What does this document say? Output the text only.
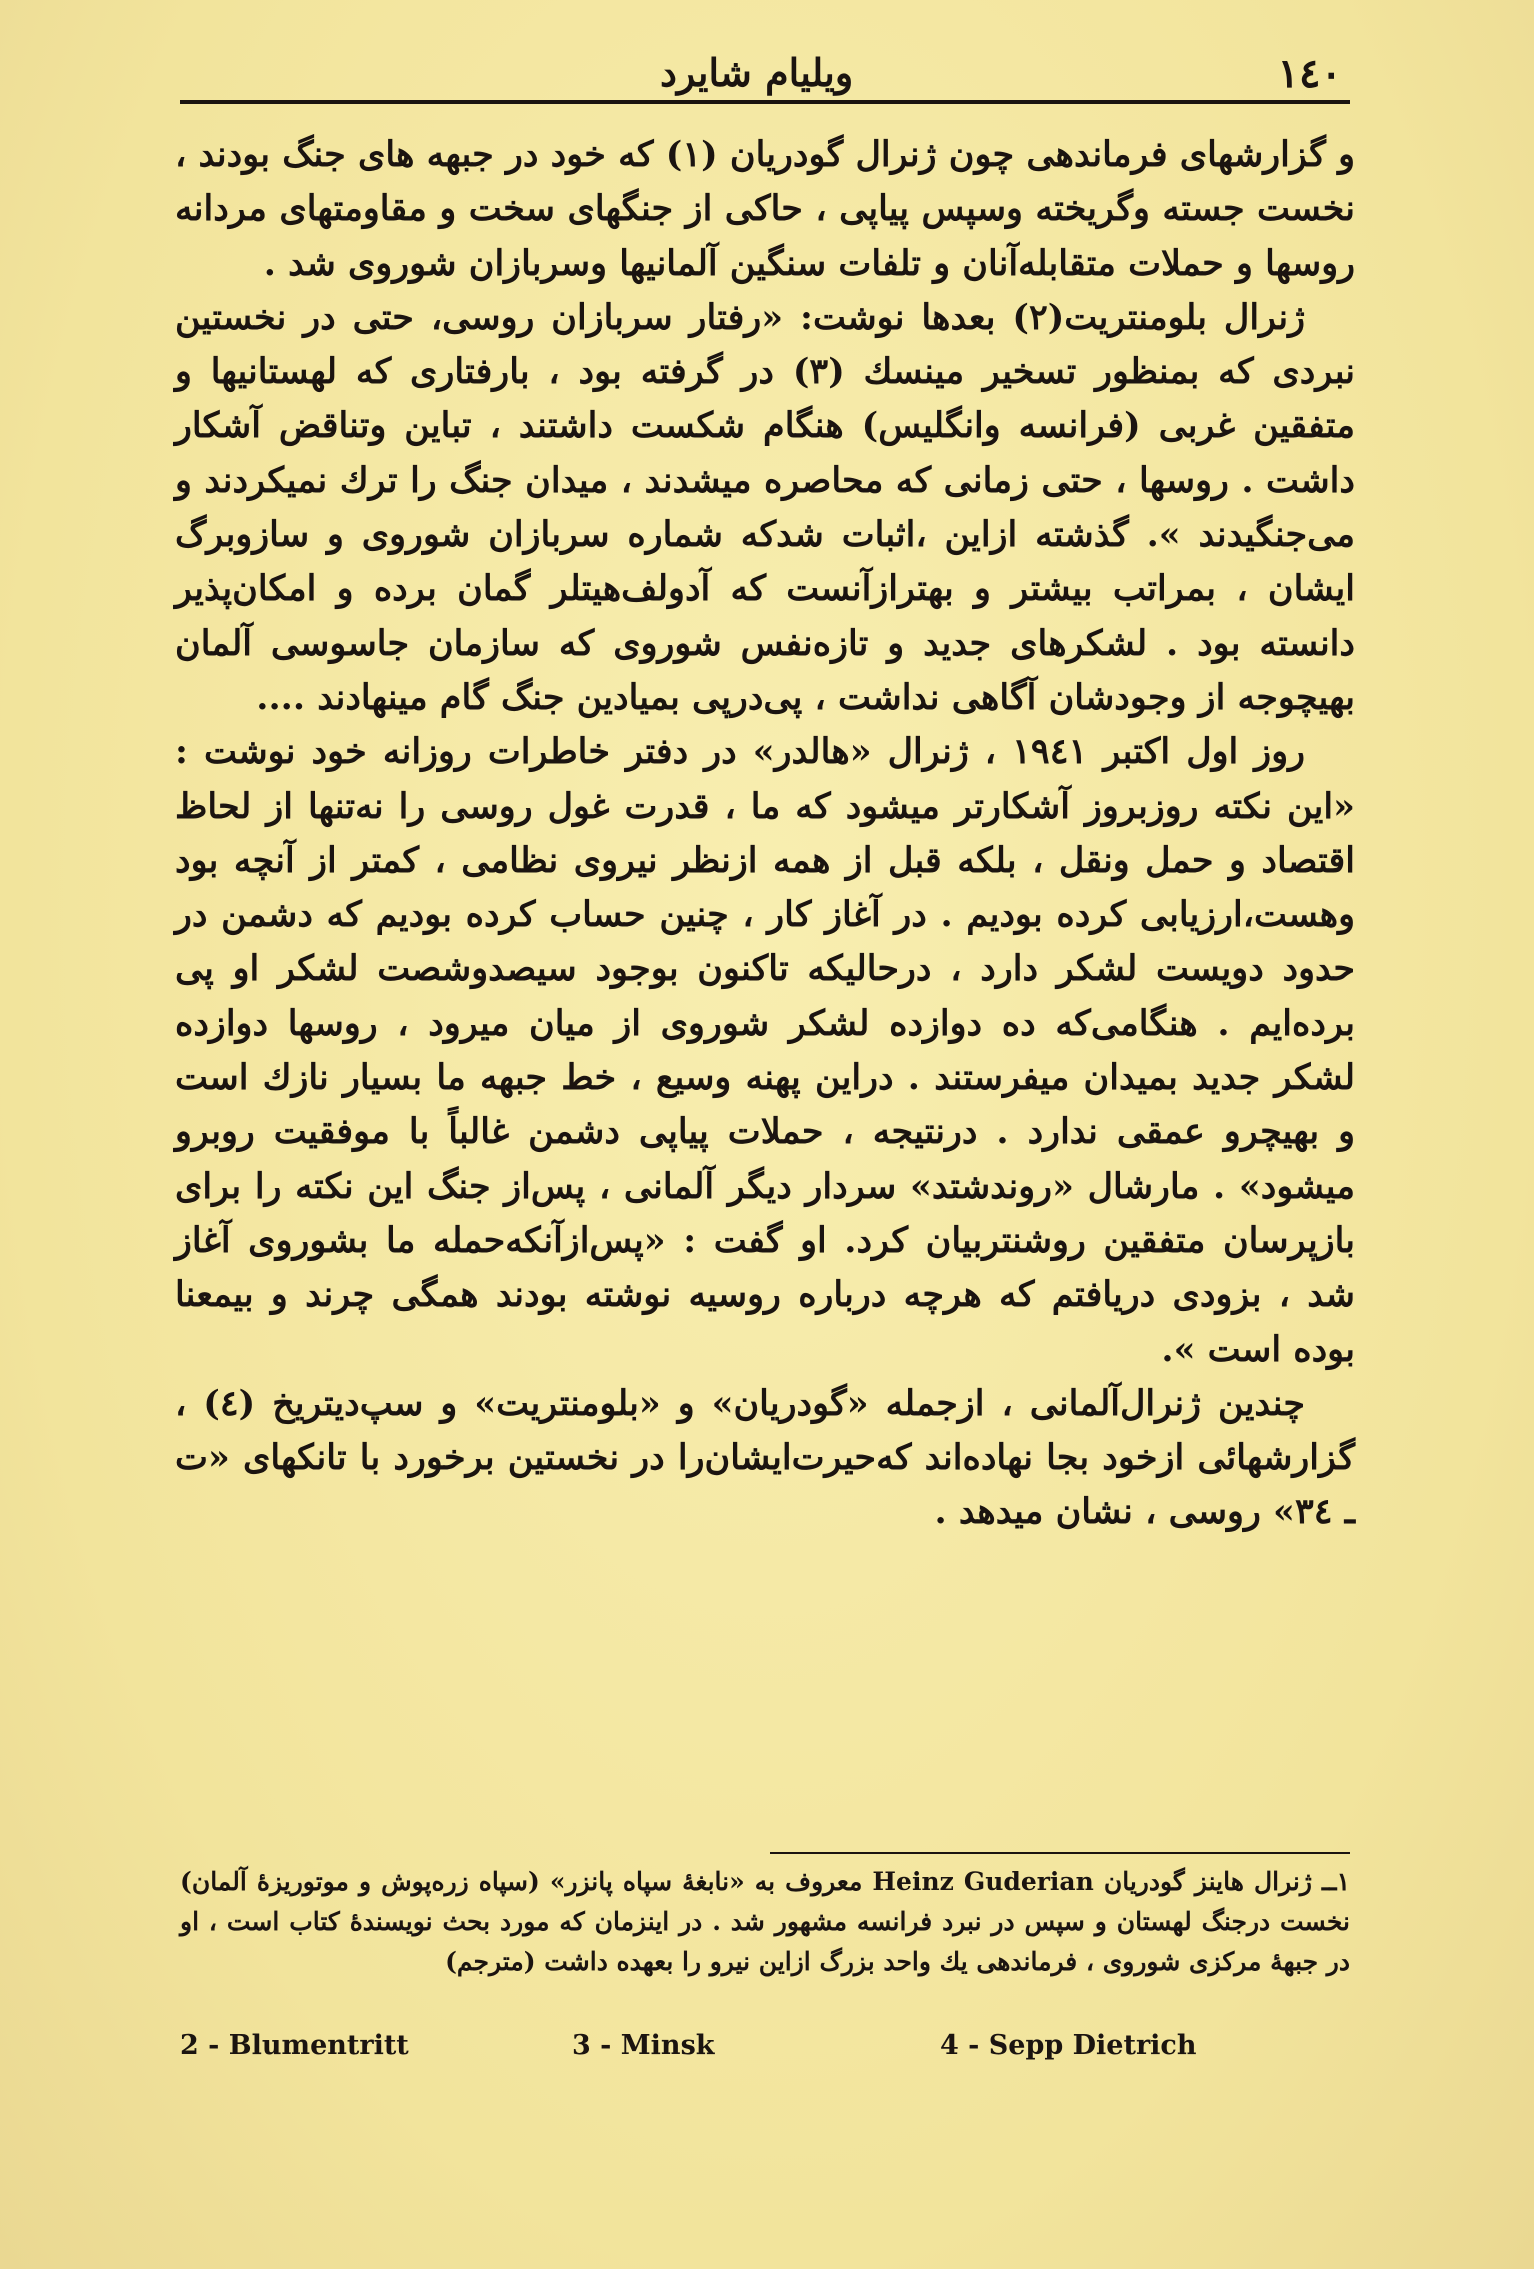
١٤٠
ویلیام شایرد

و گزارشهای فرماندهی چون ژنرال گودریان (۱) که خود در جبهه های جنگ بودند ، نخست جسته وگریخته وسپس پیاپی ، حاکی از جنگهای سخت و مقاومتهای مردانه روسها و حملات متقابله‌آنان و تلفات سنگین آلمانیها وسربازان شوروی شد .

ژنرال بلومنتریت(۲) بعدها نوشت: «رفتار سربازان روسی، حتی در نخستین نبردی که بمنظور تسخیر مینسك (۳) در گرفته بود ، بارفتاری که لهستانیها و متفقین غربی (فرانسه وانگلیس) هنگام شکست داشتند ، تباین وتناقض آشکار داشت . روسها ، حتی زمانی که محاصره میشدند ، میدان جنگ را ترك نمیکردند و می‌جنگیدند ». گذشته ازاین ،اثبات شدکه شماره سربازان شوروی و سازوبرگ ایشان ، بمراتب بیشتر و بهترازآنست که آدولف‌هیتلر گمان برده و امکان‌پذیر دانسته بود . لشکرهای جدید و تازه‌نفس شوروی که سازمان جاسوسی آلمان بهیچوجه از وجودشان آگاهی نداشت ، پی‌درپی بمیادین جنگ گام مینهادند ....

روز اول اکتبر ۱۹٤۱ ، ژنرال «هالدر» در دفتر خاطرات روزانه خود نوشت : «این نکته روزبروز آشکارتر میشود که ما ، قدرت غول روسی را نه‌تنها از لحاظ اقتصاد و حمل ونقل ، بلکه قبل از همه ازنظر نیروی نظامی ، کمتر از آنچه بود وهست،ارزیابی کرده بودیم . در آغاز کار ، چنین حساب کرده بودیم که دشمن در حدود دویست لشکر دارد ، درحالیکه تاکنون بوجود سیصدوشصت لشکر او پی برده‌ایم . هنگامی‌که ده دوازده لشکر شوروی از میان میرود ، روسها دوازده لشکر جدید بمیدان میفرستند . دراین پهنه وسیع ، خط جبهه ما بسیار نازك است و بهیچرو عمقی ندارد . درنتیجه ، حملات پیاپی دشمن غالباً با موفقیت روبرو میشود» . مارشال «روندشتد» سردار دیگر آلمانی ، پس‌از جنگ این نکته را برای بازپرسان متفقین روشنتربیان کرد. او گفت : «پس‌ازآنکه‌حمله ما بشوروی آغاز شد ، بزودی دریافتم که هرچه درباره روسیه نوشته بودند همگی چرند و بیمعنا بوده است ».

چندین ژنرال‌آلمانی ، ازجمله «گودریان» و «بلومنتریت» و سپ‌دیتریخ (٤) ، گزارشهائی ازخود بجا نهاده‌اند که‌حیرت‌ایشان‌را در نخستین برخورد با تانکهای «ت ـ ۳٤» روسی ، نشان میدهد .

۱ــ ژنرال هاینز گودریان Heinz Guderian معروف به «نابغهٔ سپاه پانزر» (سپاه زره‌پوش و موتوریزهٔ آلمان) نخست درجنگ لهستان و سپس در نبرد فرانسه مشهور شد . در اینزمان که مورد بحث نویسندهٔ کتاب است ، او در جبههٔ مرکزی شوروی ، فرماندهی یك واحد بزرگ ازاین نیرو را بعهده داشت (مترجم)

2 - Blumentritt	3 - Minsk	4 - Sepp Dietrich
